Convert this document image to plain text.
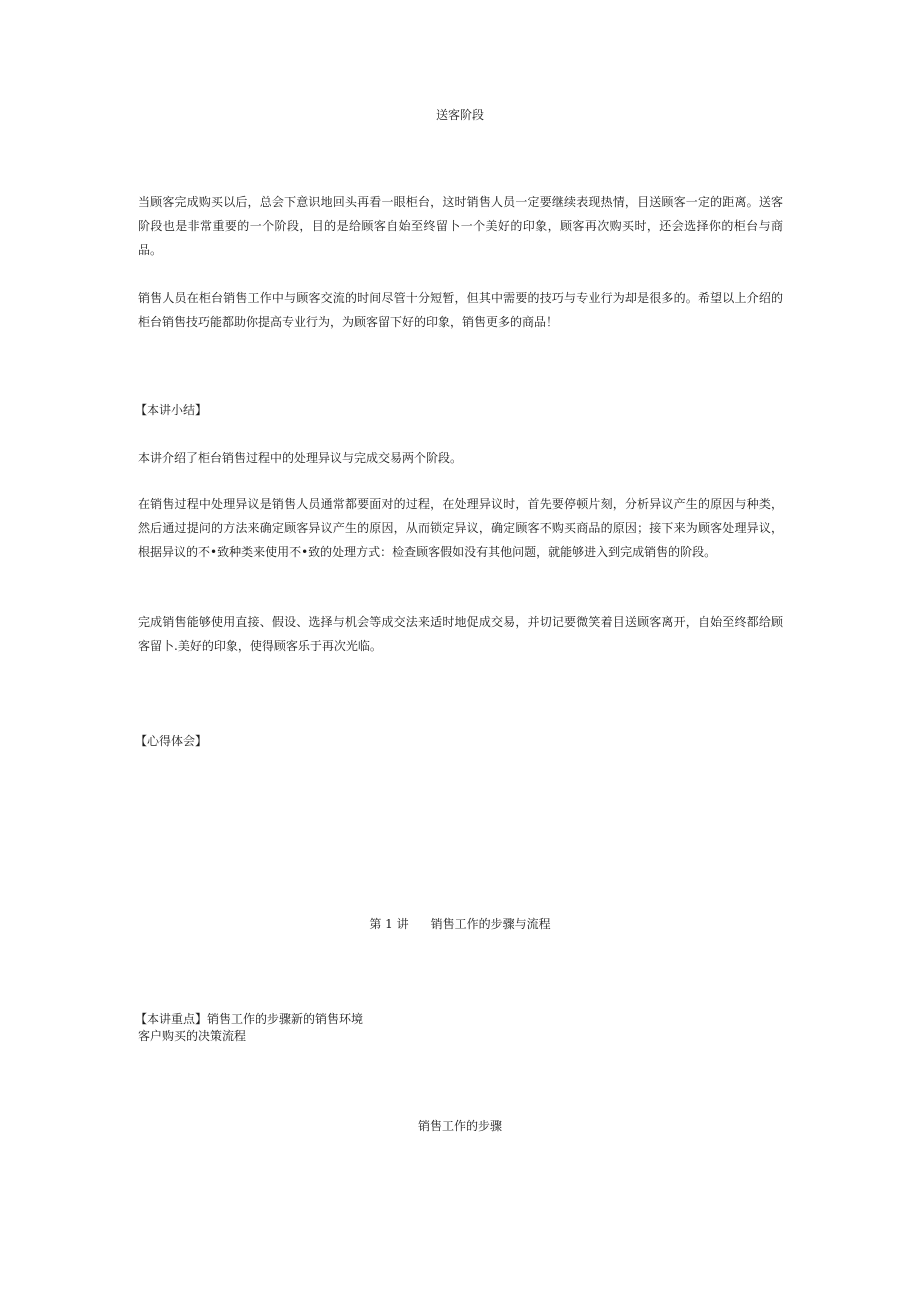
送客阶段

当顾客完成购买以后，总会下意识地回头再看一眼柜台，这时销售人员一定要继续表现热情，目送顾客一定的距离。送客阶段也是非常重要的一个阶段，目的是给顾客自始至终留卜一个美好的印象，顾客再次购买时，还会选择你的柜台与商品。

销售人员在柜台销售工作中与顾客交流的时间尽管十分短暂，但其中需要的技巧与专业行为却是很多的。希望以上介绍的柜台销售技巧能都助你提高专业行为，为顾客留下好的印象，销售更多的商品！

【本讲小结】

本讲介绍了柜台销售过程中的处理异议与完成交易两个阶段。

在销售过程中处理异议是销售人员通常都要面对的过程，在处理异议时，首先要停顿片刻，分析异议产生的原因与种类，然后通过提问的方法来确定顾客异议产生的原因，从而锁定异议，确定顾客不购买商品的原因；接下来为顾客处理异议，根据异议的不•致种类来使用不•致的处理方式：检查顾客假如没有其他问题，就能够进入到完成销售的阶段。

完成销售能够使用直接、假设、选择与机会等成交法来适时地促成交易，并切记要微笑着目送顾客离开，自始至终都给顾客留卜.美好的印象，使得顾客乐于再次光临。

【心得体会】

第 1 讲 销售工作的步骤与流程

【本讲重点】销售工作的步骤新的销售环境

客户购买的决策流程

销售工作的步骤
